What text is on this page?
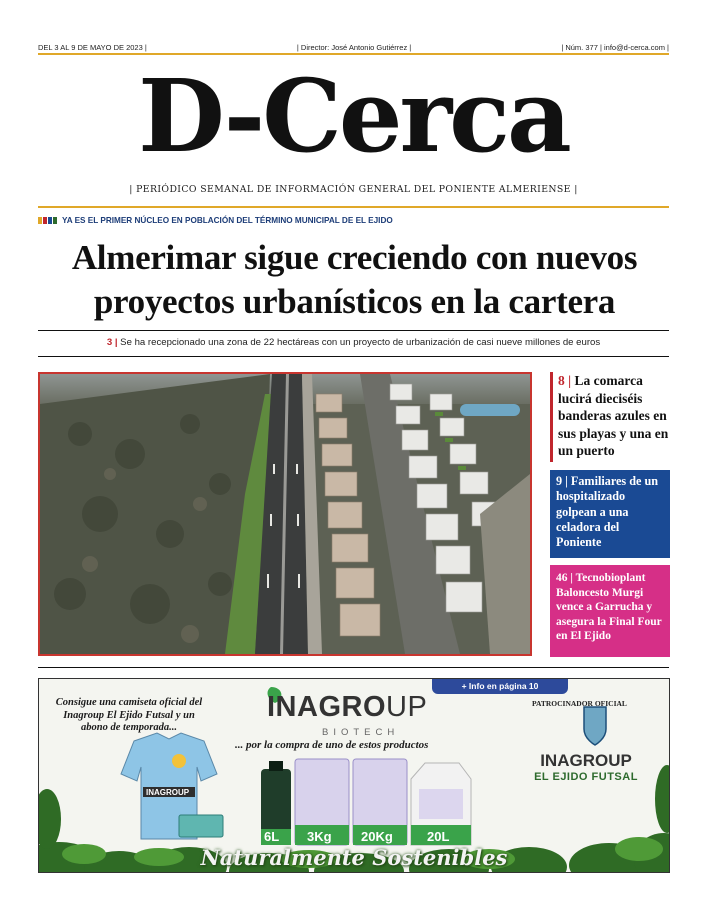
DEL 3 AL 9 DE MAYO DE 2023 |	| Director: José Antonio Gutiérrez |	| Núm. 377 | info@d-cerca.com |
D-Cerca
| PERIÓDICO SEMANAL DE INFORMACIÓN GENERAL DEL PONIENTE ALMERIENSE |
YA ES EL PRIMER NÚCLEO EN POBLACIÓN DEL TÉRMINO MUNICIPAL DE EL EJIDO
Almerimar sigue creciendo con nuevos
proyectos urbanísticos en la cartera
3 | Se ha recepcionado una zona de 22 hectáreas con un proyecto de urbanización de casi nueve millones de euros
8 | La comarca lucirá dieciséis banderas azules en sus playas y una en un puerto
9 | Familiares de un hospitalizado golpean a una celadora del Poniente
46 | Tecnobioplant Baloncesto Murgi vence a Garrucha y asegura la Final Four en El Ejido
INAGROUP
+ Info en página 10
Consigue una camiseta oficial del Inagroup El Ejido Futsal y un abono de temporada...
INAGROUP
BIOTECH
... por la compra de uno de estos productos
PATROCINADOR OFICIAL
INAGROUP
EL EJIDO FUTSAL
6L 3Kg 20Kg	20L
Naturalmente Sostenibles
